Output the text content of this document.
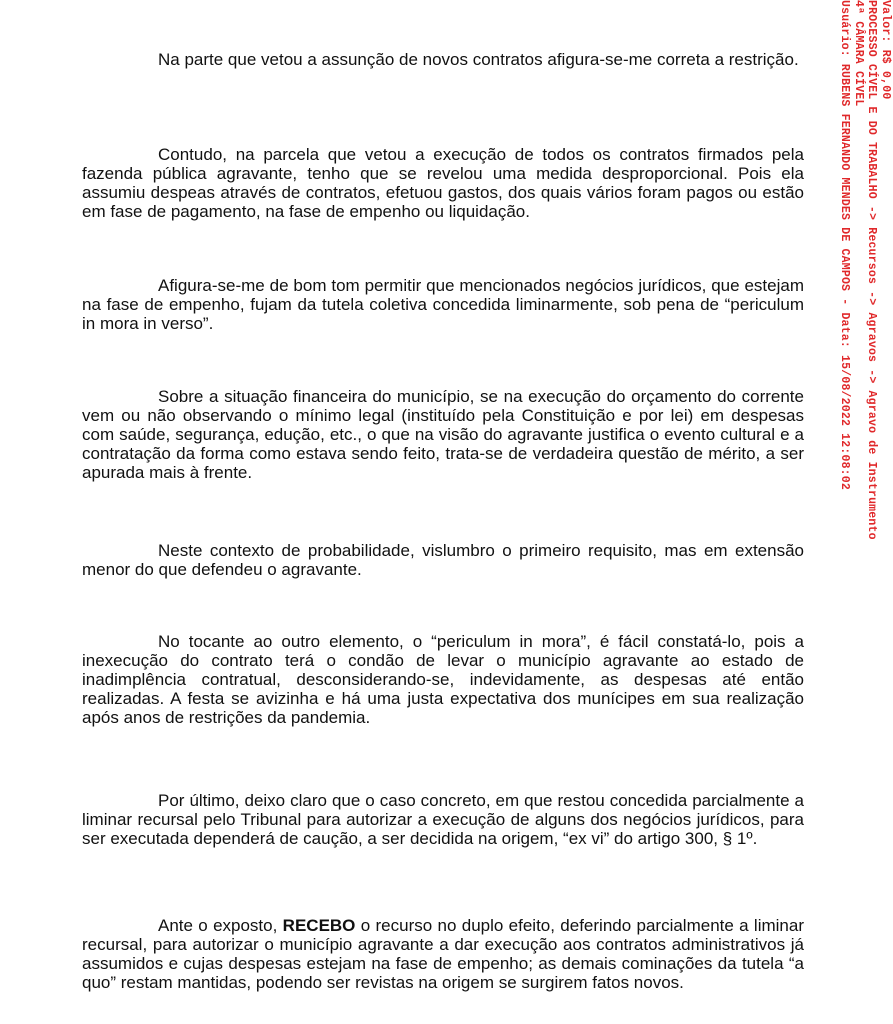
Na parte que vetou a assunção de novos contratos afigura-se-me correta a restrição.

Contudo, na parcela que vetou a execução de todos os contratos firmados pela fazenda pública agravante, tenho que se revelou uma medida desproporcional. Pois ela assumiu despeas através de contratos, efetuou gastos, dos quais vários foram pagos ou estão em fase de pagamento, na fase de empenho ou liquidação.

Afigura-se-me de bom tom permitir que mencionados negócios jurídicos, que estejam na fase de empenho, fujam da tutela coletiva concedida liminarmente, sob pena de “periculum in mora in verso”.

Sobre a situação financeira do município, se na execução do orçamento do corrente vem ou não observando o mínimo legal (instituído pela Constituição e por lei) em despesas com saúde, segurança, edução, etc., o que na visão do agravante justifica o evento cultural e a contratação da forma como estava sendo feito, trata-se de verdadeira questão de mérito, a ser apurada mais à frente.

Neste contexto de probabilidade, vislumbro o primeiro requisito, mas em extensão menor do que defendeu o agravante.

No tocante ao outro elemento, o “periculum in mora”, é fácil constatá-lo, pois a inexecução do contrato terá o condão de levar o município agravante ao estado de inadimplência contratual, desconsiderando-se, indevidamente, as despesas até então realizadas. A festa se avizinha e há uma justa expectativa dos munícipes em sua realização após anos de restrições da pandemia.

Por último, deixo claro que o caso concreto, em que restou concedida parcialmente a liminar recursal pelo Tribunal para autorizar a execução de alguns dos negócios jurídicos, para ser executada dependerá de caução, a ser decidida na origem, “ex vi” do artigo 300, § 1º.

Ante o exposto, RECEBO o recurso no duplo efeito, deferindo parcialmente a liminar recursal, para autorizar o município agravante a dar execução aos contratos administrativos já assumidos e cujas despesas estejam na fase de empenho; as demais cominações da tutela “a quo” restam mantidas, podendo ser revistas na origem se surgirem fatos novos.

Valor: R$ 0,00
PROCESSO CÍVEL E DO TRABALHO -> Recursos -> Agravos -> Agravo de Instrumento
4ª CÂMARA CÍVEL
Usuário: RUBENS FERNANDO MENDES DE CAMPOS - Data: 15/08/2022 12:08:02
